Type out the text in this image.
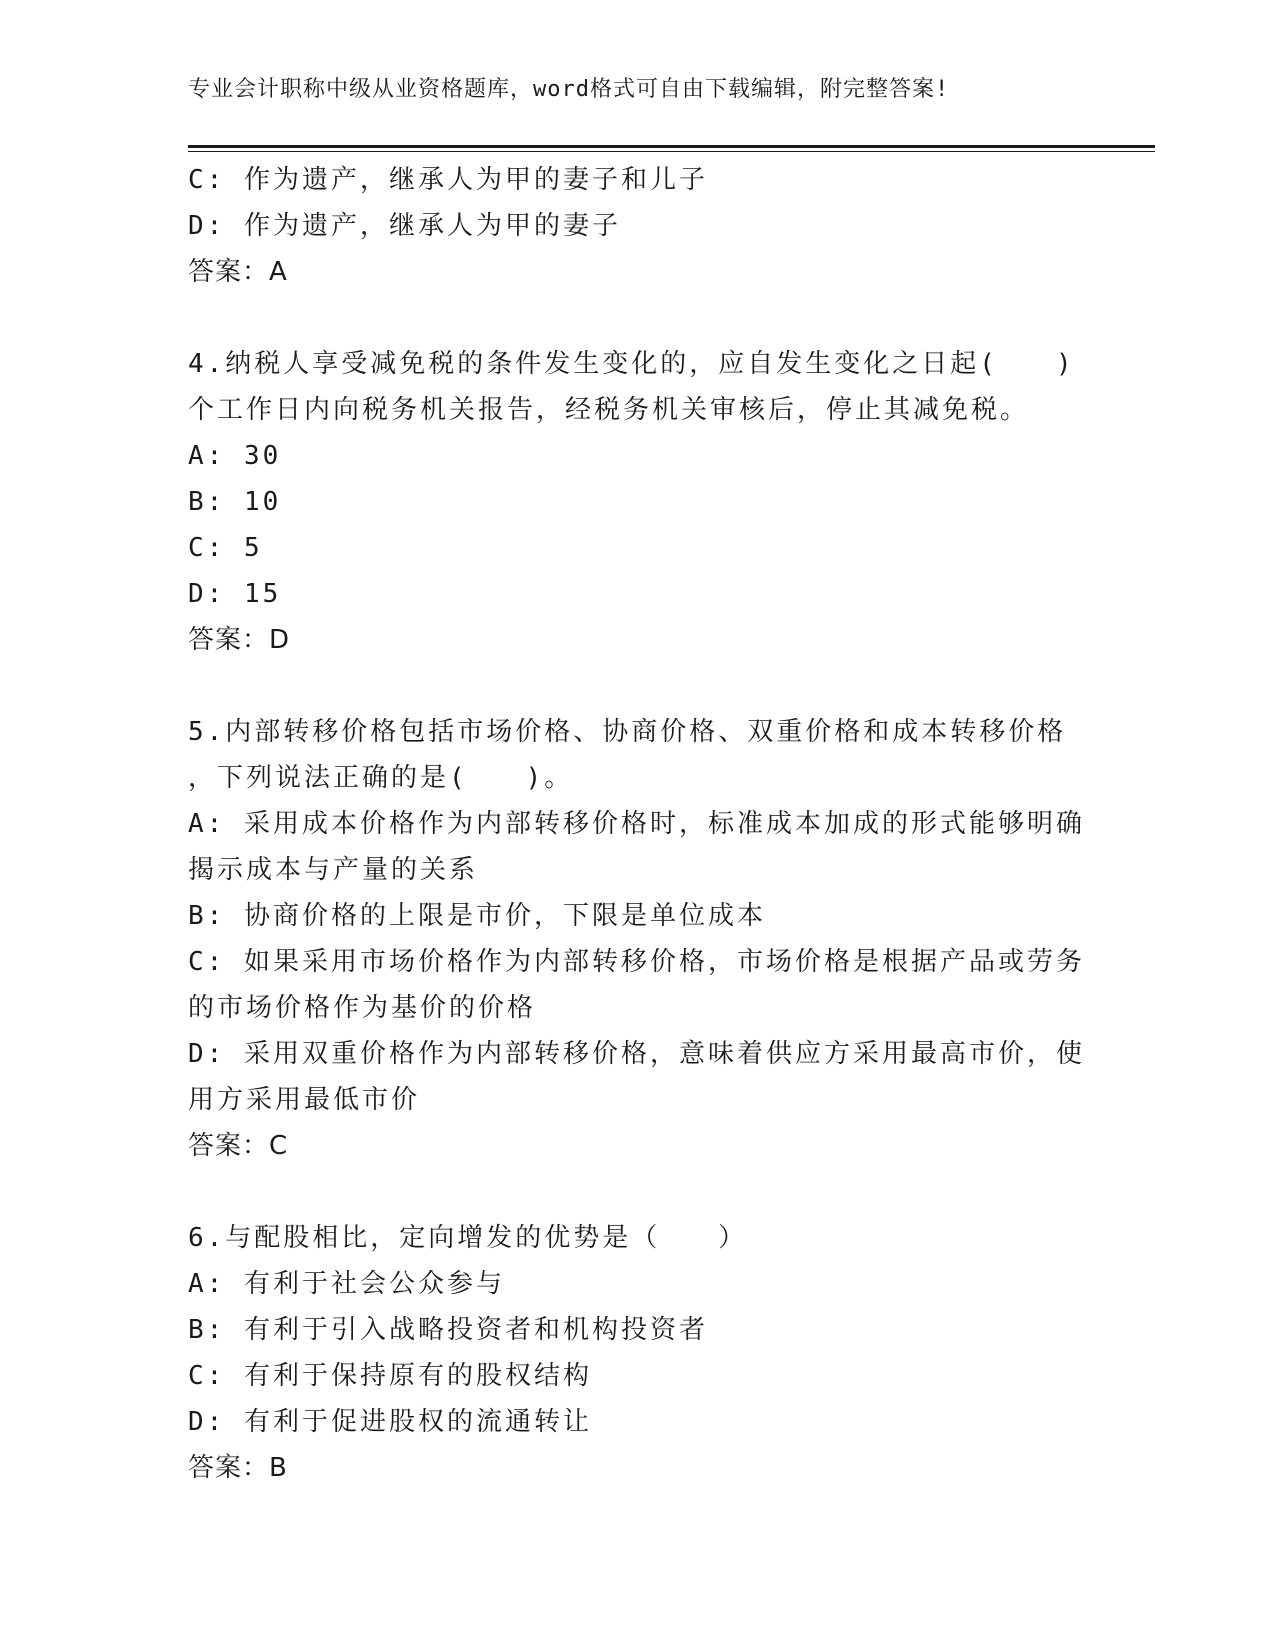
专业会计职称中级从业资格题库，word格式可自由下载编辑，附完整答案!
C: 作为遗产，继承人为甲的妻子和儿子
D: 作为遗产，继承人为甲的妻子
答案：A
4.纳税人享受减免税的条件发生变化的，应自发生变化之日起(　　)
个工作日内向税务机关报告，经税务机关审核后，停止其减免税。
A: 30
B: 10
C: 5
D: 15
答案：D
5.内部转移价格包括市场价格、协商价格、双重价格和成本转移价格
，下列说法正确的是(　　)。
A: 采用成本价格作为内部转移价格时，标准成本加成的形式能够明确
揭示成本与产量的关系
B: 协商价格的上限是市价，下限是单位成本
C: 如果采用市场价格作为内部转移价格，市场价格是根据产品或劳务
的市场价格作为基价的价格
D: 采用双重价格作为内部转移价格，意味着供应方采用最高市价，使
用方采用最低市价
答案：C
6.与配股相比，定向增发的优势是（　　）
A: 有利于社会公众参与
B: 有利于引入战略投资者和机构投资者
C: 有利于保持原有的股权结构
D: 有利于促进股权的流通转让
答案：B
